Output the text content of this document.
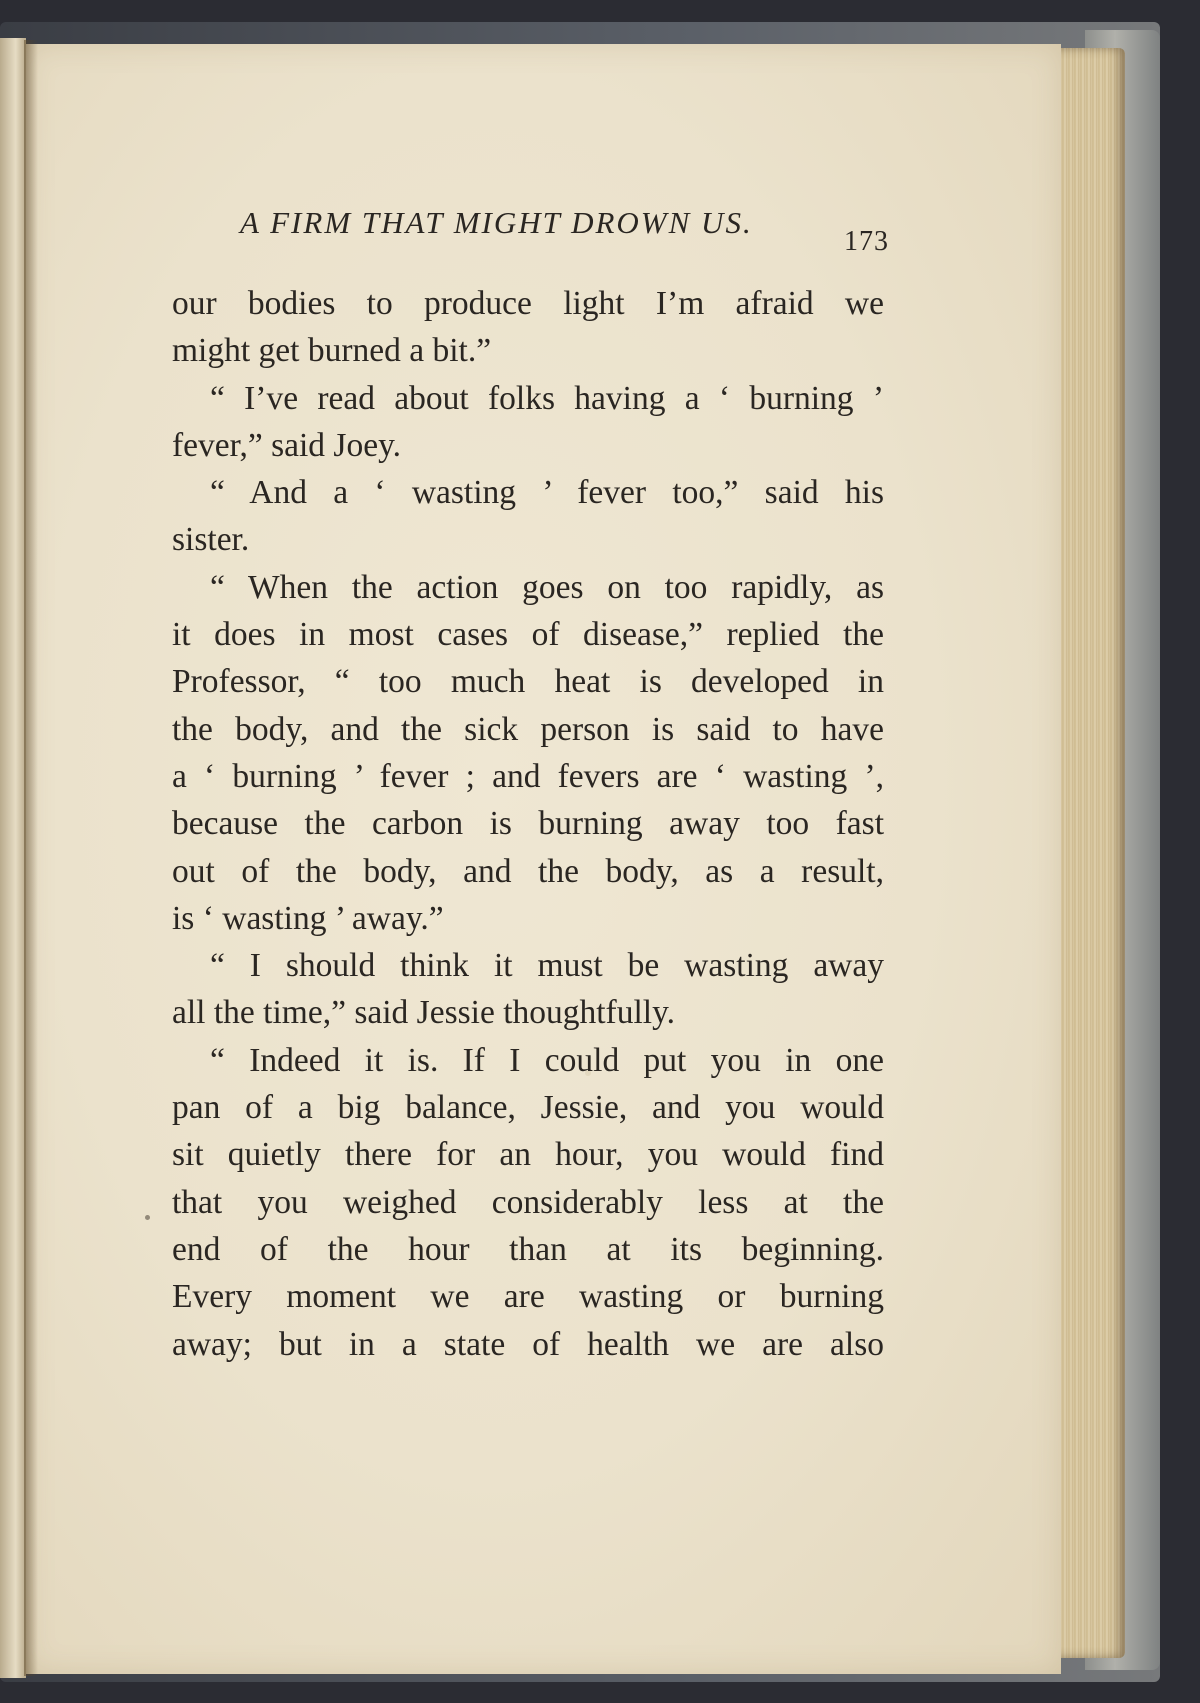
A FIRM THAT MIGHT DROWN US.
173
our bodies to produce light I’m afraid we
might get burned a bit.”
“ I’ve read about folks having a ‘ burning ’
fever,” said Joey.
“ And a ‘ wasting ’ fever too,” said his
sister.
“ When the action goes on too rapidly, as
it does in most cases of disease,” replied the
Professor, “ too much heat is developed in
the body, and the sick person is said to have
a ‘ burning ’ fever ; and fevers are ‘ wasting ’,
because the carbon is burning away too fast
out of the body, and the body, as a result,
is ‘ wasting ’ away.”
“ I should think it must be wasting away
all the time,” said Jessie thoughtfully.
“ Indeed it is. If I could put you in one
pan of a big balance, Jessie, and you would
sit quietly there for an hour, you would find
that you weighed considerably less at the
end of the hour than at its beginning.
Every moment we are wasting or burning
away; but in a state of health we are also
